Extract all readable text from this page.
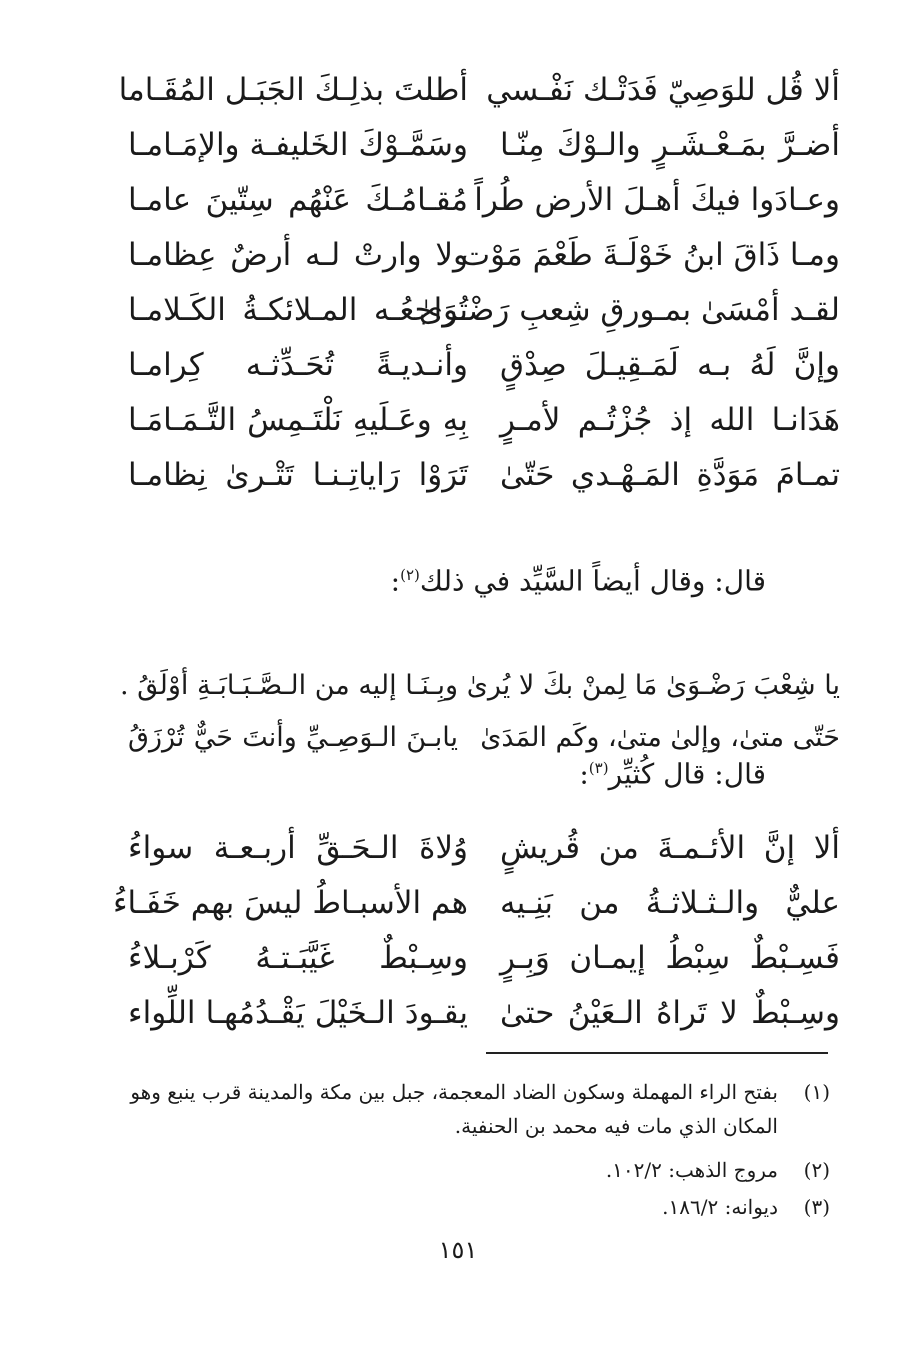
ألا قُل للوَصِيّ فَدَتْـك نَفْـسي
أطلتَ بذلِـكَ الجَبَـل المُقَـاما
أضـرَّ بمَـعْـشَـرٍ والـوْكَ مِنّـا
وسَمَّـوْكَ الخَليفـة والإمَـامـا
وعـادَوا فيكَ أهـلَ الأرض طُراً
مُقـامُـكَ عَنْهُم سِتّينَ عامـا
ومـا ذَاقَ ابنُ خَوْلَـةَ طَعْمَ مَوْت
ولا وارتْ لـه أرضٌ عِظامـا
لقـد أمْسَىٰ بمـورقِ شِعبِ رَضْـوَىٰ
تُراجعُـه المـلائكـةُ الكَـلامـا
وإنَّ لَهُ بـه لَمَـقِيـلَ صِدْقٍ
وأنـديـةً تُحَـدِّثـه كِرامـا
هَدَانـا الله إذ جُزْتُـم لأمـرٍ
بِهِ وعَـلَيهِ نَلْتَـمِسُ التَّـمَـامَـا
تمـامَ مَوَدَّةِ المَـهْـدي حَتّىٰ
تَرَوْا رَاياتِـنـا تَتْـرىٰ نِظامـا
قال: وقال أيضاً السَّيِّد في ذلك$^{(٢)}$:
يا شِعْبَ رَضْـوَىٰ مَا لِمنْ بكَ لا يُرىٰ
وبِـنَـا إليه من الـصَّـبَـابَـةِ أوْلَقُ .
حَتّى متىٰ، وإلىٰ متىٰ، وكَم المَدَىٰ
يابـنَ الـوَصِـيِّ وأنتَ حَيٌّ تُرْزَقُ
قال: قال كُثيِّر$^{(٣)}$:
ألا إنَّ الأئـمـةَ من قُريشٍ
وُلاةَ الـحَـقِّ أربـعـة سواءُ
عليٌّ والـثـلاثـةُ من بَنِـيه
هم الأسبـاطُ ليسَ بهم خَفَـاءُ
فَسِـبْطٌ سِبْطُ إيمـان وَبِـرٍ
وسِـبْطٌ غَيَّبَـتـهُ كَرْبـلاءُ
وسِـبْطٌ لا تَراهُ الـعَيْنُ حتىٰ
يقـودَ الـخَيْلَ يَقْـدُمُهـا اللِّواء
(١)
بفتح الراء المهملة وسكون الضاد المعجمة، جبل بين مكة والمدينة قرب ينبع وهو المكان الذي مات فيه محمد بن الحنفية.
(٢)
مروج الذهب: ١٠٢/٢.
(٣)
ديوانه: ١٨٦/٢.
١٥١
